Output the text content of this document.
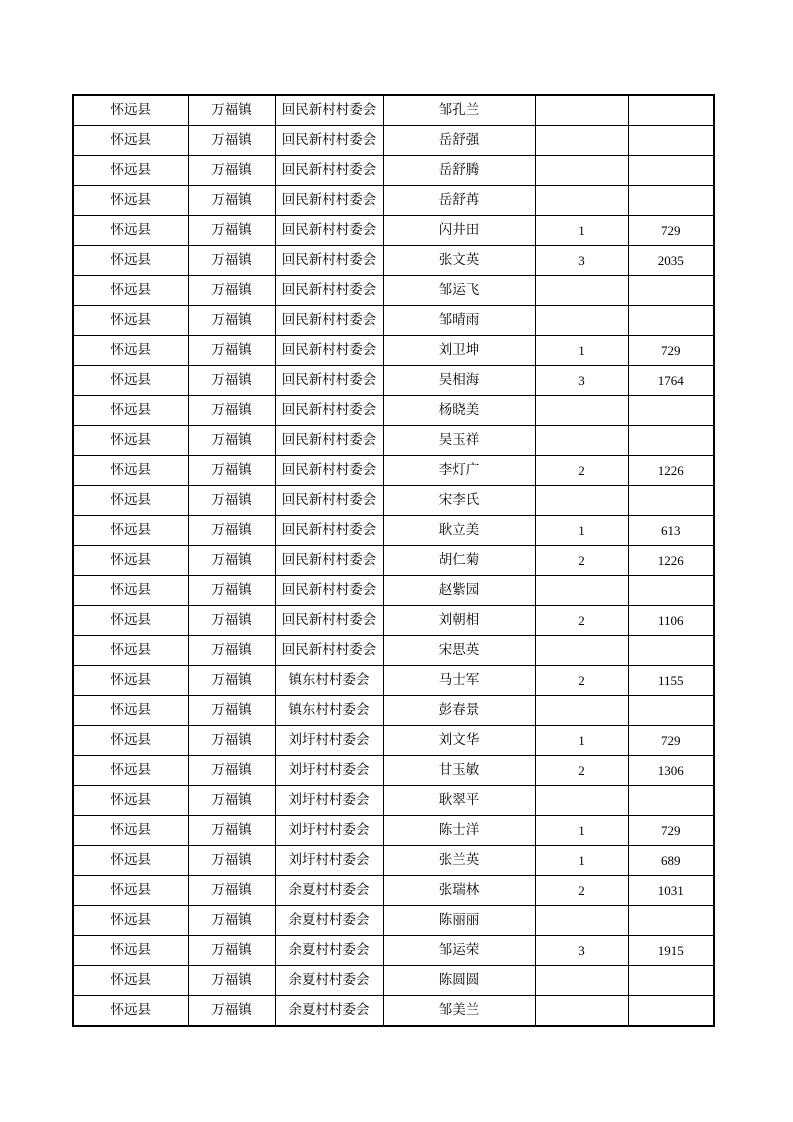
怀远县	万福镇	回民新村村委会	邹孔兰		
怀远县	万福镇	回民新村村委会	岳舒强		
怀远县	万福镇	回民新村村委会	岳舒腾		
怀远县	万福镇	回民新村村委会	岳舒苒		
怀远县	万福镇	回民新村村委会	闪井田	1	729
怀远县	万福镇	回民新村村委会	张文英	3	2035
怀远县	万福镇	回民新村村委会	邹运飞		
怀远县	万福镇	回民新村村委会	邹晴雨		
怀远县	万福镇	回民新村村委会	刘卫坤	1	729
怀远县	万福镇	回民新村村委会	吴相海	3	1764
怀远县	万福镇	回民新村村委会	杨晓美		
怀远县	万福镇	回民新村村委会	吴玉祥		
怀远县	万福镇	回民新村村委会	李灯广	2	1226
怀远县	万福镇	回民新村村委会	宋李氏		
怀远县	万福镇	回民新村村委会	耿立美	1	613
怀远县	万福镇	回民新村村委会	胡仁菊	2	1226
怀远县	万福镇	回民新村村委会	赵紫园		
怀远县	万福镇	回民新村村委会	刘朝相	2	1106
怀远县	万福镇	回民新村村委会	宋思英		
怀远县	万福镇	镇东村村委会	马士军	2	1155
怀远县	万福镇	镇东村村委会	彭春景		
怀远县	万福镇	刘圩村村委会	刘文华	1	729
怀远县	万福镇	刘圩村村委会	甘玉敏	2	1306
怀远县	万福镇	刘圩村村委会	耿翠平		
怀远县	万福镇	刘圩村村委会	陈士洋	1	729
怀远县	万福镇	刘圩村村委会	张兰英	1	689
怀远县	万福镇	余夏村村委会	张瑞林	2	1031
怀远县	万福镇	余夏村村委会	陈丽丽		
怀远县	万福镇	余夏村村委会	邹运荣	3	1915
怀远县	万福镇	余夏村村委会	陈圆圆		
怀远县	万福镇	余夏村村委会	邹美兰		
